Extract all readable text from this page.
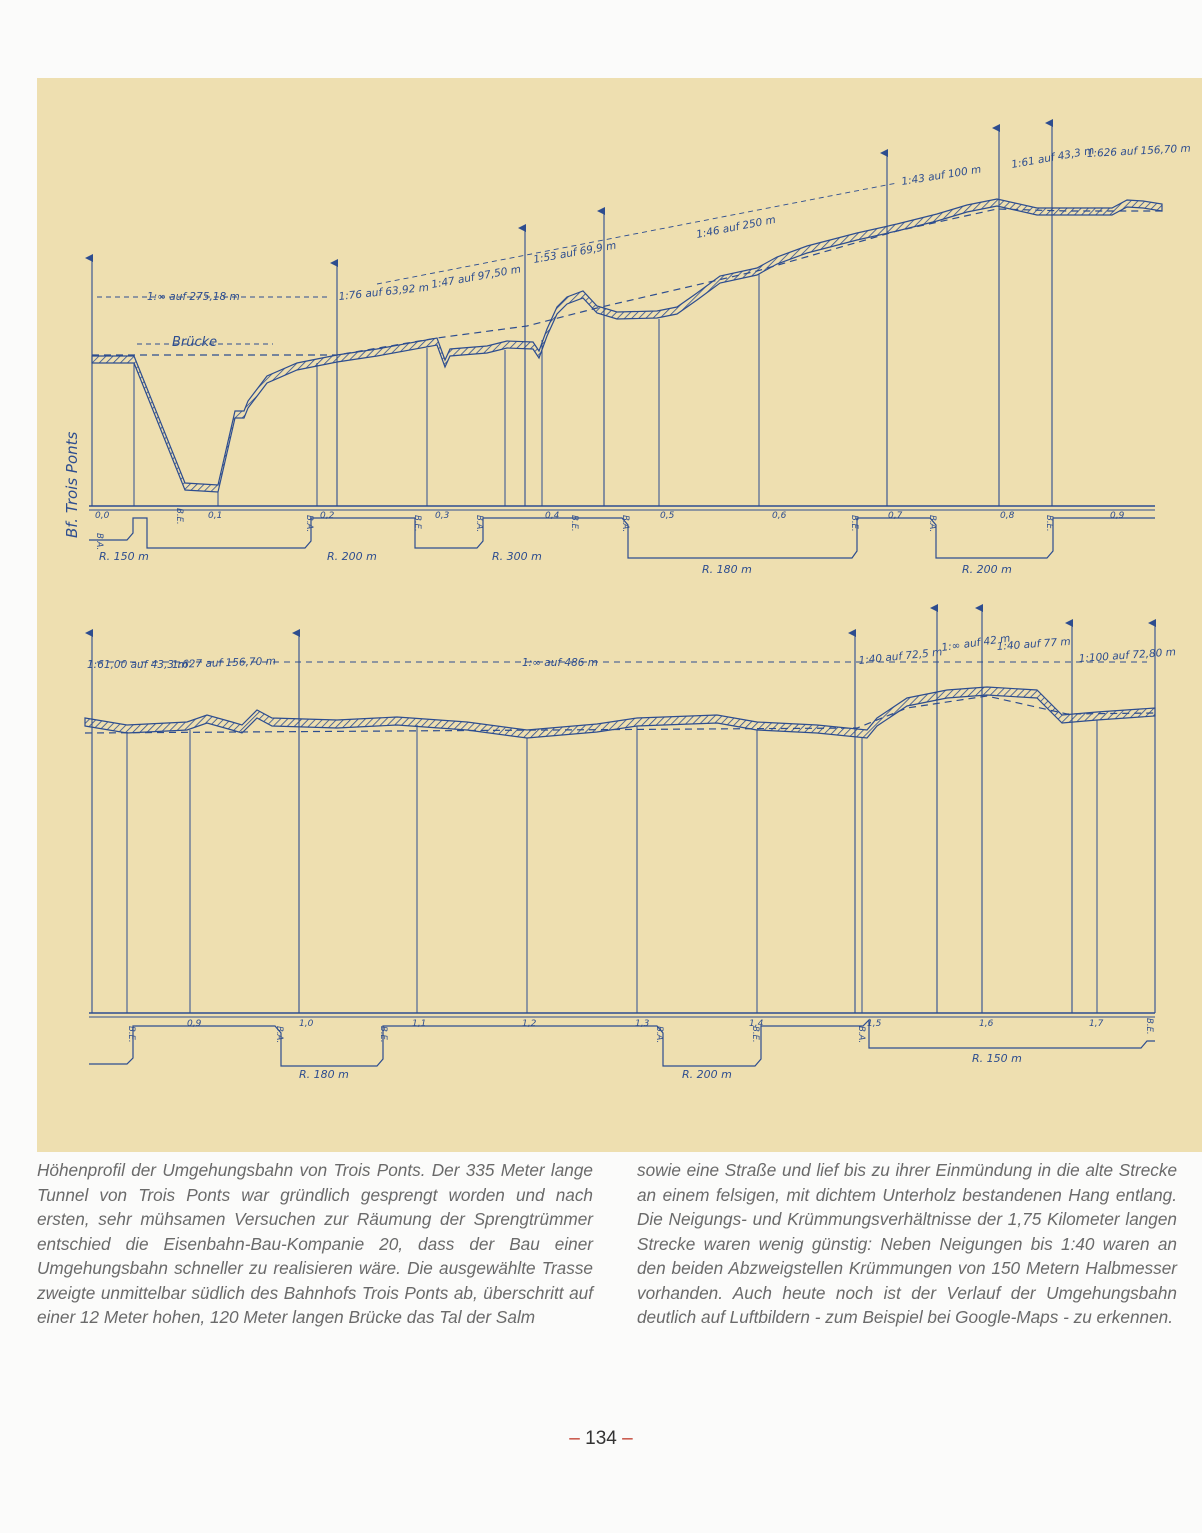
1:∞ auf 275,18 m	1:76 auf 63,92 m
1:47 auf 97,50 m
1:53 auf 69,9 m
1:46 auf 250 m
1:43 auf 100 m
1:61 auf 43,3 m
1:626 auf 156,70 m
Brücke
Bf. Trois Ponts 0,0	0,1	0,2	0,3	0,4	0,5	0,6	0,7	0,8	0,9
B.A.
B.E.	B.A.	B.E.	B.A.	B.E.	B.A.	B.E.	B.A.	B.E.
R. 150 m	R. 200 m	R. 300 m
R. 180 m	R. 200 m
1:61,00 auf 43,3 m
1:627 auf 156,70 m	1:∞ auf 486 m	1:40 auf 72,5 m
1:∞ auf 42 m
1:40 auf 77 m
1:100 auf 72,80 m
0,9	1,0	1,1	1,2	1,3	1,4	1,5	1,6	1,7
B.E.	B.A.	B.E.	B.A.	B.E.	B.A.	B.E.
R. 180 m	R. 200 m
R. 150 m

Höhenprofil der Umgehungsbahn von Trois Ponts. Der 335 Meter lange Tunnel von Trois Ponts war gründlich gesprengt worden und nach ersten, sehr mühsamen Versuchen zur Räumung der Sprengtrümmer entschied die Eisenbahn-Bau-Kompanie 20, dass der Bau einer Umgehungsbahn schneller zu realisieren wäre. Die ausgewählte Trasse zweigte unmittelbar südlich des Bahnhofs Trois Ponts ab, überschritt auf einer 12 Meter hohen, 120 Meter langen Brücke das Tal der Salm

sowie eine Straße und lief bis zu ihrer Einmündung in die alte Strecke an einem felsigen, mit dichtem Unterholz bestandenen Hang entlang. Die Neigungs- und Krümmungsverhältnisse der 1,75 Kilometer langen Strecke waren wenig günstig: Neben Neigungen bis 1:40 waren an den beiden Abzweigstellen Krümmungen von 150 Metern Halbmesser vorhanden. Auch heute noch ist der Verlauf der Umgehungsbahn deutlich auf Luftbildern - zum Beispiel bei Google-Maps - zu erkennen.

– 134 –
